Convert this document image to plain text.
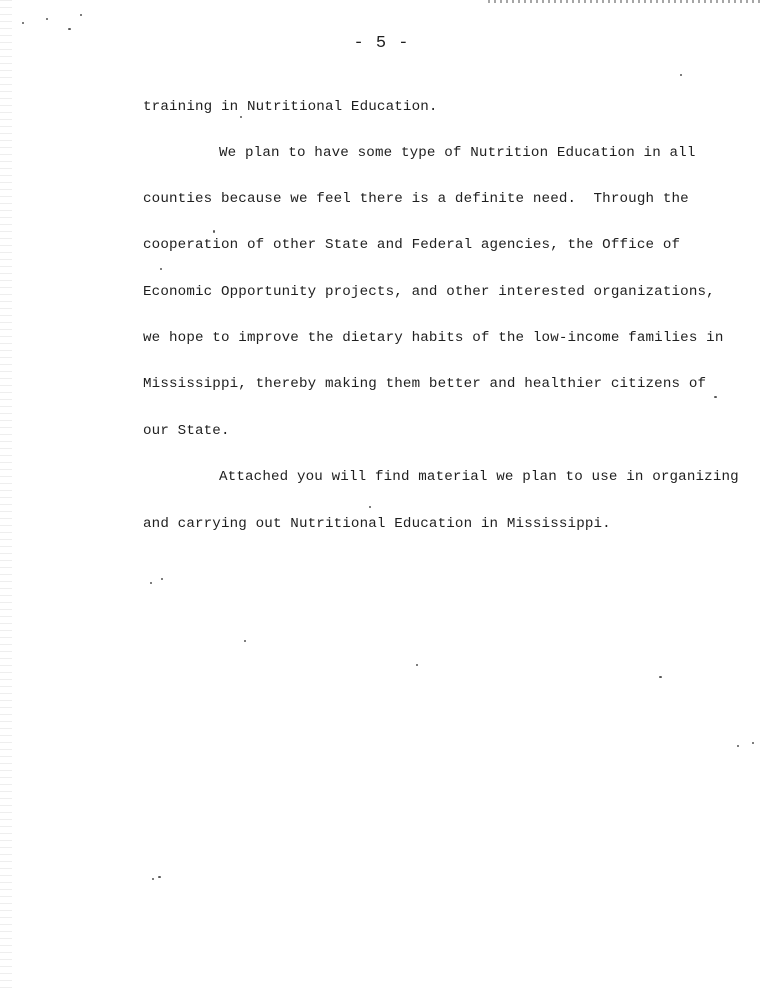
- 5 -

training in Nutritional Education.

We plan to have some type of Nutrition Education in all

counties because we feel there is a definite need.  Through the

cooperation of other State and Federal agencies, the Office of

Economic Opportunity projects, and other interested organizations,

we hope to improve the dietary habits of the low-income families in

Mississippi, thereby making them better and healthier citizens of

our State.

Attached you will find material we plan to use in organizing

and carrying out Nutritional Education in Mississippi.
